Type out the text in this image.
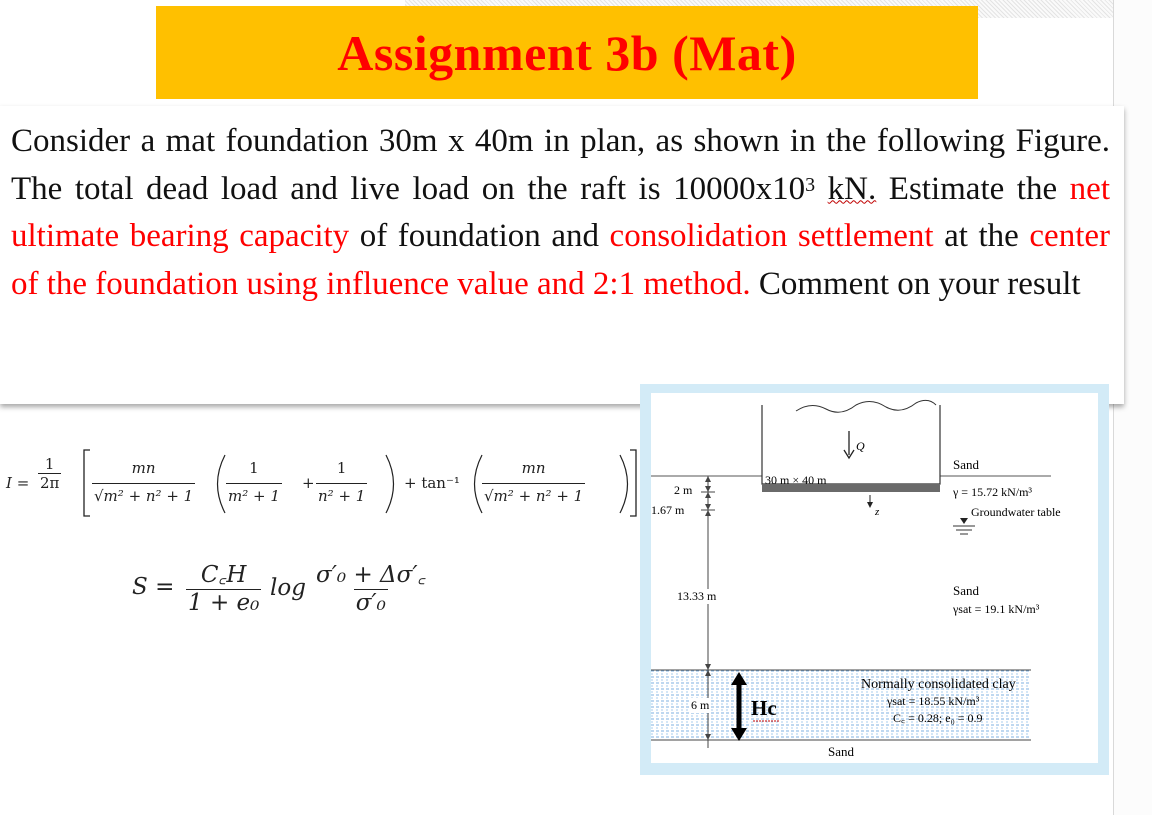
Assignment 3b (Mat)
Consider a mat foundation 30m x 40m in plan, as shown in the following Figure. The total dead load and live load on the raft is $10000x10^3$ kN. Estimate the net ultimate bearing capacity of foundation and consolidation settlement at the center of the foundation using influence value and 2:1 method. Comment on your result
$I = \frac{1}{2\pi} \frac{mn}{\text{√m² + n² + 1}} \frac{1}{\text{m² + 1}} + \frac{1}{\text{n² + 1}} + \tan^{-1} \frac{mn}{\text{√m² + n² + 1}}$
$S = \frac{C꜀H}{\text{1 + e₀}}$ $\log \frac{\text{σ′₀ + Δσ′꜀}}{\text{σ′₀}}$
Q
30 m × 40 m
z
2 m
1.67 m
13.33 m
6 m Hc
Sand
γ = 15.72 kN/m³
Groundwater table
Sand
γsat = 19.1 kN/m³
Normally consolidated clay
γsat = 18.55 kN/m³
C꜀ = 0.28; e₀ = 0.9
Sand
